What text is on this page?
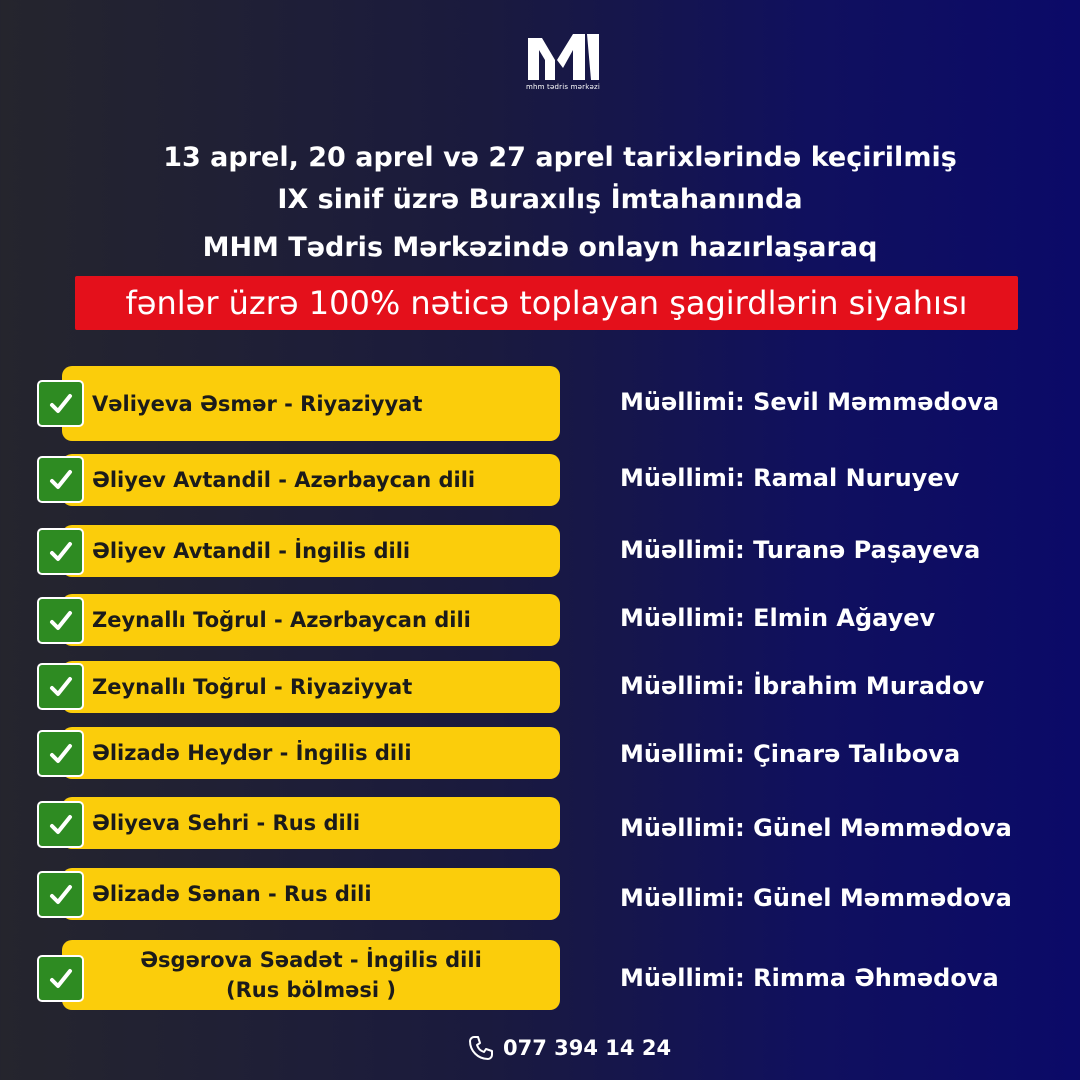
mhm tədris mərkəzi
13 aprel, 20 aprel və 27 aprel tarixlərində keçirilmiş
IX sinif üzrə Buraxılış İmtahanında
MHM Tədris Mərkəzində onlayn hazırlaşaraq
fənlər üzrə 100% nəticə toplayan şagirdlərin siyahısı
Vəliyeva Əsmər - Riyaziyyat	Müəllimi: Sevil Məmmədova
Əliyev Avtandil - Azərbaycan dili	Müəllimi: Ramal Nuruyev
Əliyev Avtandil - İngilis dili	Müəllimi: Turanə Paşayeva
Zeynallı Toğrul - Azərbaycan dili	Müəllimi: Elmin Ağayev
Zeynallı Toğrul - Riyaziyyat	Müəllimi: İbrahim Muradov
Əlizadə Heydər - İngilis dili	Müəllimi: Çinarə Talıbova
Əliyeva Sehri - Rus dili	Müəllimi: Günel Məmmədova
Əlizadə Sənan - Rus dili	Müəllimi: Günel Məmmədova
Əsgərova Səadət - İngilis dili
(Rus bölməsi )	Müəllimi: Rimma Əhmədova
077 394 14 24
